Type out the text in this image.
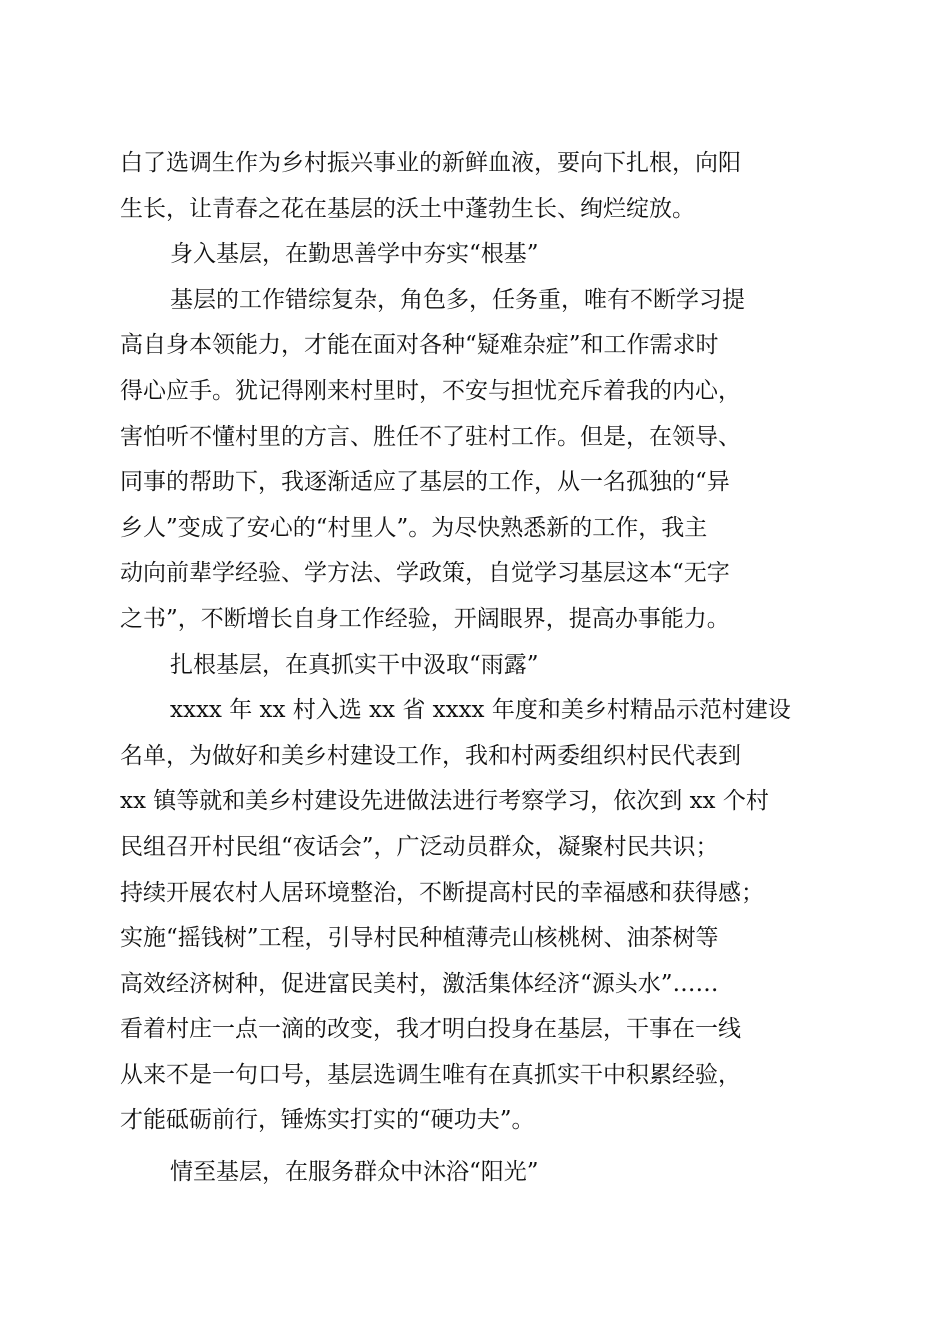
白了选调生作为乡村振兴事业的新鲜血液，要向下扎根，向阳
生长，让青春之花在基层的沃土中蓬勃生长、绚烂绽放。
身入基层，在勤思善学中夯实“根基”
基层的工作错综复杂，角色多，任务重，唯有不断学习提
高自身本领能力，才能在面对各种“疑难杂症”和工作需求时
得心应手。犹记得刚来村里时，不安与担忧充斥着我的内心，
害怕听不懂村里的方言、胜任不了驻村工作。但是，在领导、
同事的帮助下，我逐渐适应了基层的工作，从一名孤独的“异
乡人”变成了安心的“村里人”。为尽快熟悉新的工作，我主
动向前辈学经验、学方法、学政策，自觉学习基层这本“无字
之书”，不断增长自身工作经验，开阔眼界，提高办事能力。
扎根基层，在真抓实干中汲取“雨露”
xxxx 年 xx 村入选 xx 省 xxxx 年度和美乡村精品示范村建设
名单，为做好和美乡村建设工作，我和村两委组织村民代表到
xx 镇等就和美乡村建设先进做法进行考察学习，依次到 xx 个村
民组召开村民组“夜话会”，广泛动员群众，凝聚村民共识；
持续开展农村人居环境整治，不断提高村民的幸福感和获得感；
实施“摇钱树”工程，引导村民种植薄壳山核桃树、油茶树等
高效经济树种，促进富民美村，激活集体经济“源头水”……
看着村庄一点一滴的改变，我才明白投身在基层，干事在一线
从来不是一句口号，基层选调生唯有在真抓实干中积累经验，
才能砥砺前行，锤炼实打实的“硬功夫”。
情至基层，在服务群众中沐浴“阳光”
